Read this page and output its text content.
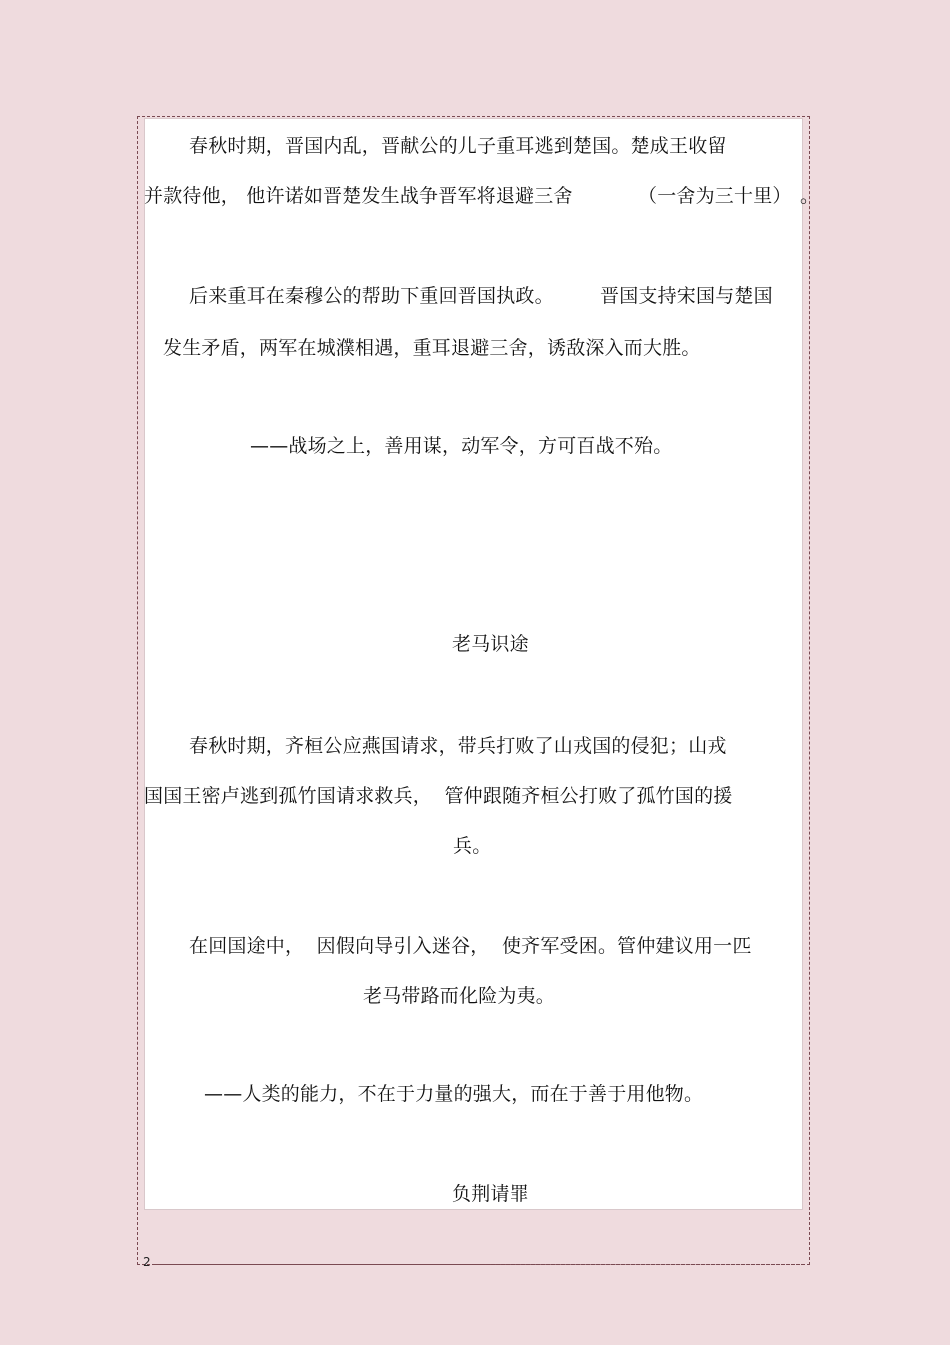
春秋时期，晋国内乱，晋献公的儿子重耳逃到楚国。楚成王收留
并款待他， 他许诺如晋楚发生战争晋军将退避三舍	（一舍为三十里） 。
后来重耳在秦穆公的帮助下重回晋国执政。 晋国支持宋国与楚国
发生矛盾，两军在城濮相遇，重耳退避三舍，诱敌深入而大胜。
——战场之上，善用谋，动军令，方可百战不殆。
老马识途
春秋时期，齐桓公应燕国请求，带兵打败了山戎国的侵犯；山戎
国国王密卢逃到孤竹国请求救兵，  管仲跟随齐桓公打败了孤竹国的援
兵。
在回国途中，  因假向导引入迷谷，  使齐军受困。管仲建议用一匹
老马带路而化险为夷。
——人类的能力，不在于力量的强大，而在于善于用他物。
负荆请罪
2
